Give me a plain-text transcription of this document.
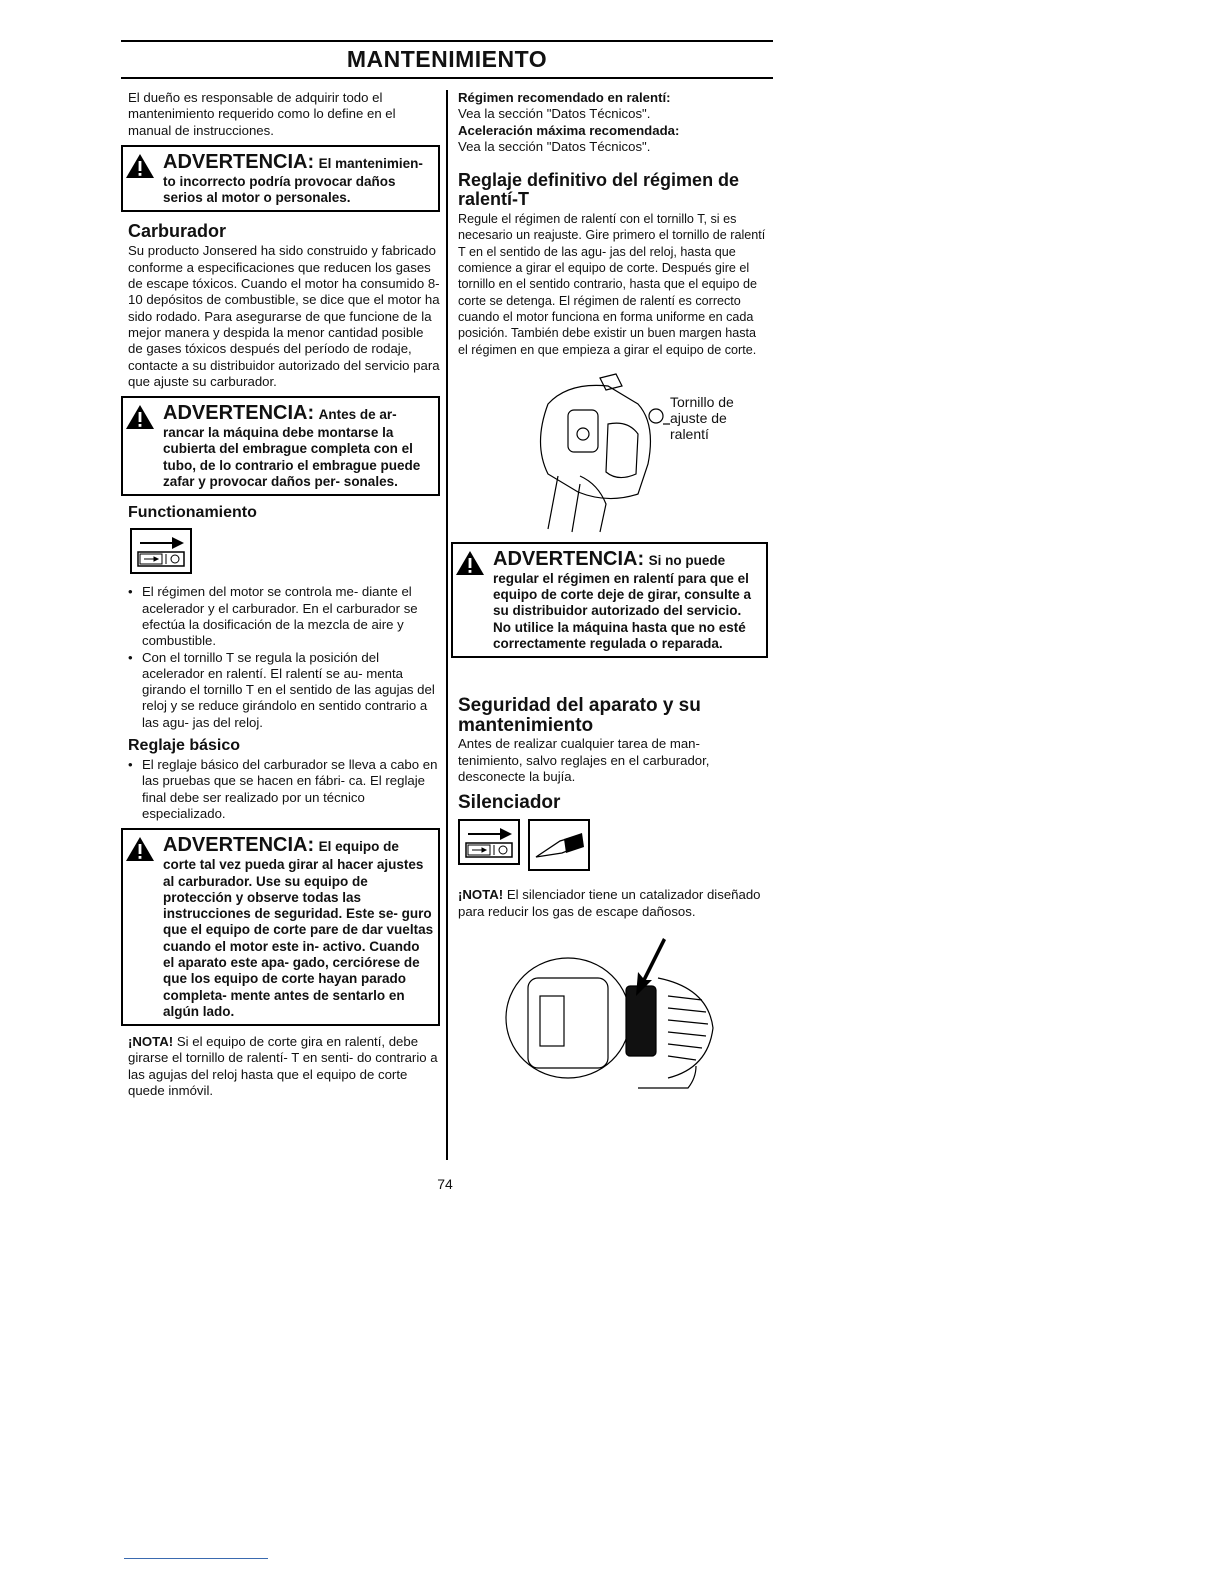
MANTENIMIENTO

El dueño es responsable de adquirir todo el mantenimiento requerido como lo define en el manual de instrucciones.

ADVERTENCIA: El mantenimien-
to incorrecto podría provocar daños serios al motor o personales.
Carburador

Su producto Jonsered ha sido construido y fabricado conforme a especificaciones que reducen los gases de escape tóxicos. Cuando el motor ha consumido 8-10 depósitos de combustible, se dice que el motor ha sido rodado. Para asegurarse de que funcione de la mejor manera y despida la menor cantidad posible de gases tóxicos después del período de rodaje, contacte a su distribuidor autorizado del servicio para que ajuste su carburador.

ADVERTENCIA: Antes de ar-
rancar la máquina debe montarse la cubierta del embrague completa con el tubo, de lo contrario el embrague puede zafar y provocar daños per- sonales.
Functionamiento
• El régimen del motor se controla me- diante el acelerador y el carburador. En el carburador se efectúa la dosificación de la mezcla de aire y combustible.
• Con el tornillo T se regula la posición del acelerador en ralentí. El ralentí se au- menta girando el tornillo T en el sentido de las agujas del reloj y se reduce girándolo en sentido contrario a las agu- jas del reloj.
Reglaje básico
• El reglaje básico del carburador se lleva a cabo en las pruebas que se hacen en fábri- ca. El reglaje final debe ser realizado por un técnico especializado.
ADVERTENCIA: El equipo de
corte tal vez pueda girar al hacer ajustes al carburador. Use su equipo de protección y observe todas las instrucciones de seguridad. Este se- guro que el equipo de corte pare de dar vueltas cuando el motor este in- activo. Cuando el aparato este apa- gado, cerciórese de que los equipo de corte hayan parado completa- mente antes de sentarlo en algún lado.

¡NOTA! Si el equipo de corte gira en ralentí, debe girarse el tornillo de ralentí- T en senti- do contrario a las agujas del reloj hasta que el equipo de corte quede inmóvil.

Régimen recomendado en ralentí:

Vea la sección "Datos Técnicos".

Aceleración máxima recomendada:

Vea la sección "Datos Técnicos".

Reglaje definitivo del régimen de ralentí-T

Regule el régimen de ralentí con el tornillo T, si es necesario un reajuste. Gire primero el tornillo de ralentí T en el sentido de las agu- jas del reloj, hasta que comience a girar el equipo de corte. Después gire el tornillo en el sentido contrario, hasta que el equipo de corte se detenga. El régimen de ralentí es correcto cuando el motor funciona en forma uniforme en cada posición. También debe existir un buen margen hasta el régimen en que empieza a girar el equipo de corte.

Tornillo de ajuste de ralentí
ADVERTENCIA: Si no puede
regular el régimen en ralentí para que el equipo de corte deje de girar, consulte a su distribuidor autorizado del servicio. No utilice la máquina hasta que no esté correctamente regulada o reparada.
Seguridad del aparato y su mantenimiento

Antes de realizar cualquier tarea de man- tenimiento, salvo reglajes en el carburador, desconecte la bujía.

Silenciador

¡NOTA! El silenciador tiene un catalizador diseñado para reducir los gas de escape dañosos.

74
